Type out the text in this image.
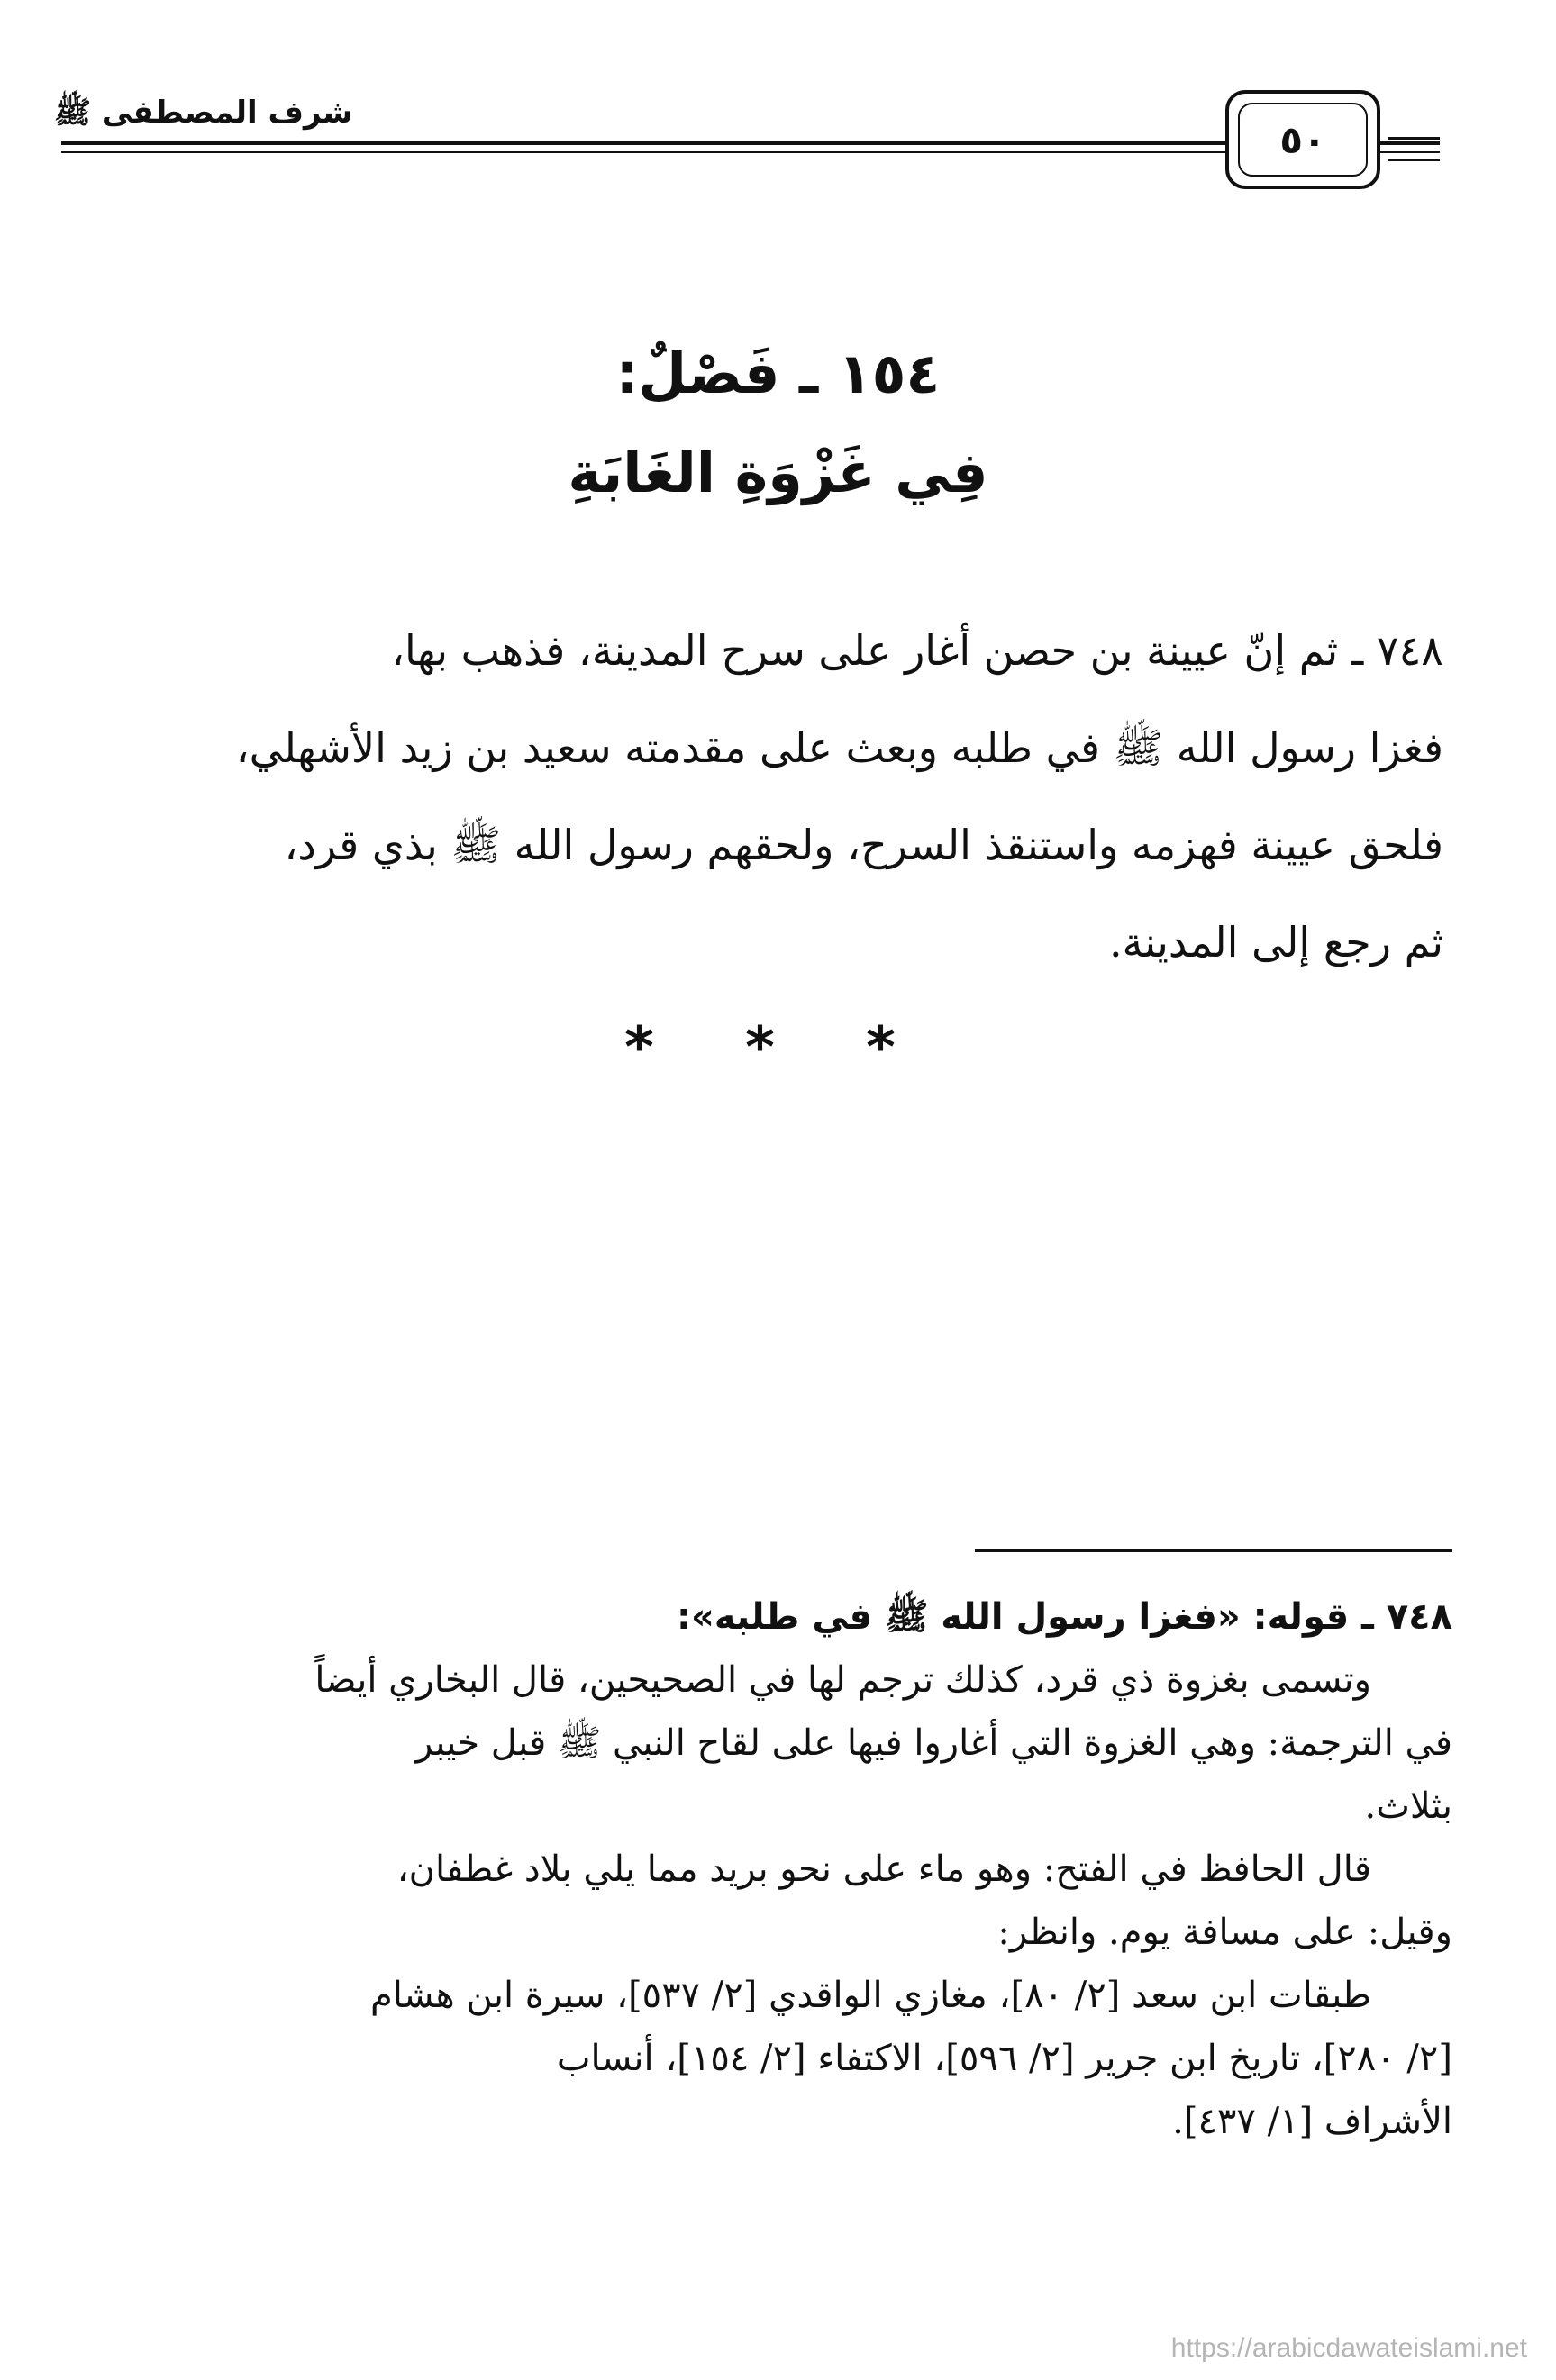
٥٠
شرف المصطفى ﷺ
١٥٤ ـ فَصْلٌ:
فِي غَزْوَةِ الغَابَةِ
٧٤٨ ـ ثم إنّ عيينة بن حصن أغار على سرح المدينة، فذهب بها،
فغزا رسول الله ﷺ في طلبه وبعث على مقدمته سعيد بن زيد الأشهلي،
فلحق عيينة فهزمه واستنقذ السرح، ولحقهم رسول الله ﷺ بذي قرد،
ثم رجع إلى المدينة.
* * *
٧٤٨ ـ قوله: «فغزا رسول الله ﷺ في طلبه»:
وتسمى بغزوة ذي قرد، كذلك ترجم لها في الصحيحين، قال البخاري أيضاً
في الترجمة: وهي الغزوة التي أغاروا فيها على لقاح النبي ﷺ قبل خيبر
بثلاث.
قال الحافظ في الفتح: وهو ماء على نحو بريد مما يلي بلاد غطفان،
وقيل: على مسافة يوم. وانظر:
طبقات ابن سعد [٢/ ٨٠]، مغازي الواقدي [٢/ ٥٣٧]، سيرة ابن هشام
[٢/ ٢٨٠]، تاريخ ابن جرير [٢/ ٥٩٦]، الاكتفاء [٢/ ١٥٤]، أنساب
الأشراف [١/ ٤٣٧].
https://arabicdawateislami.net
